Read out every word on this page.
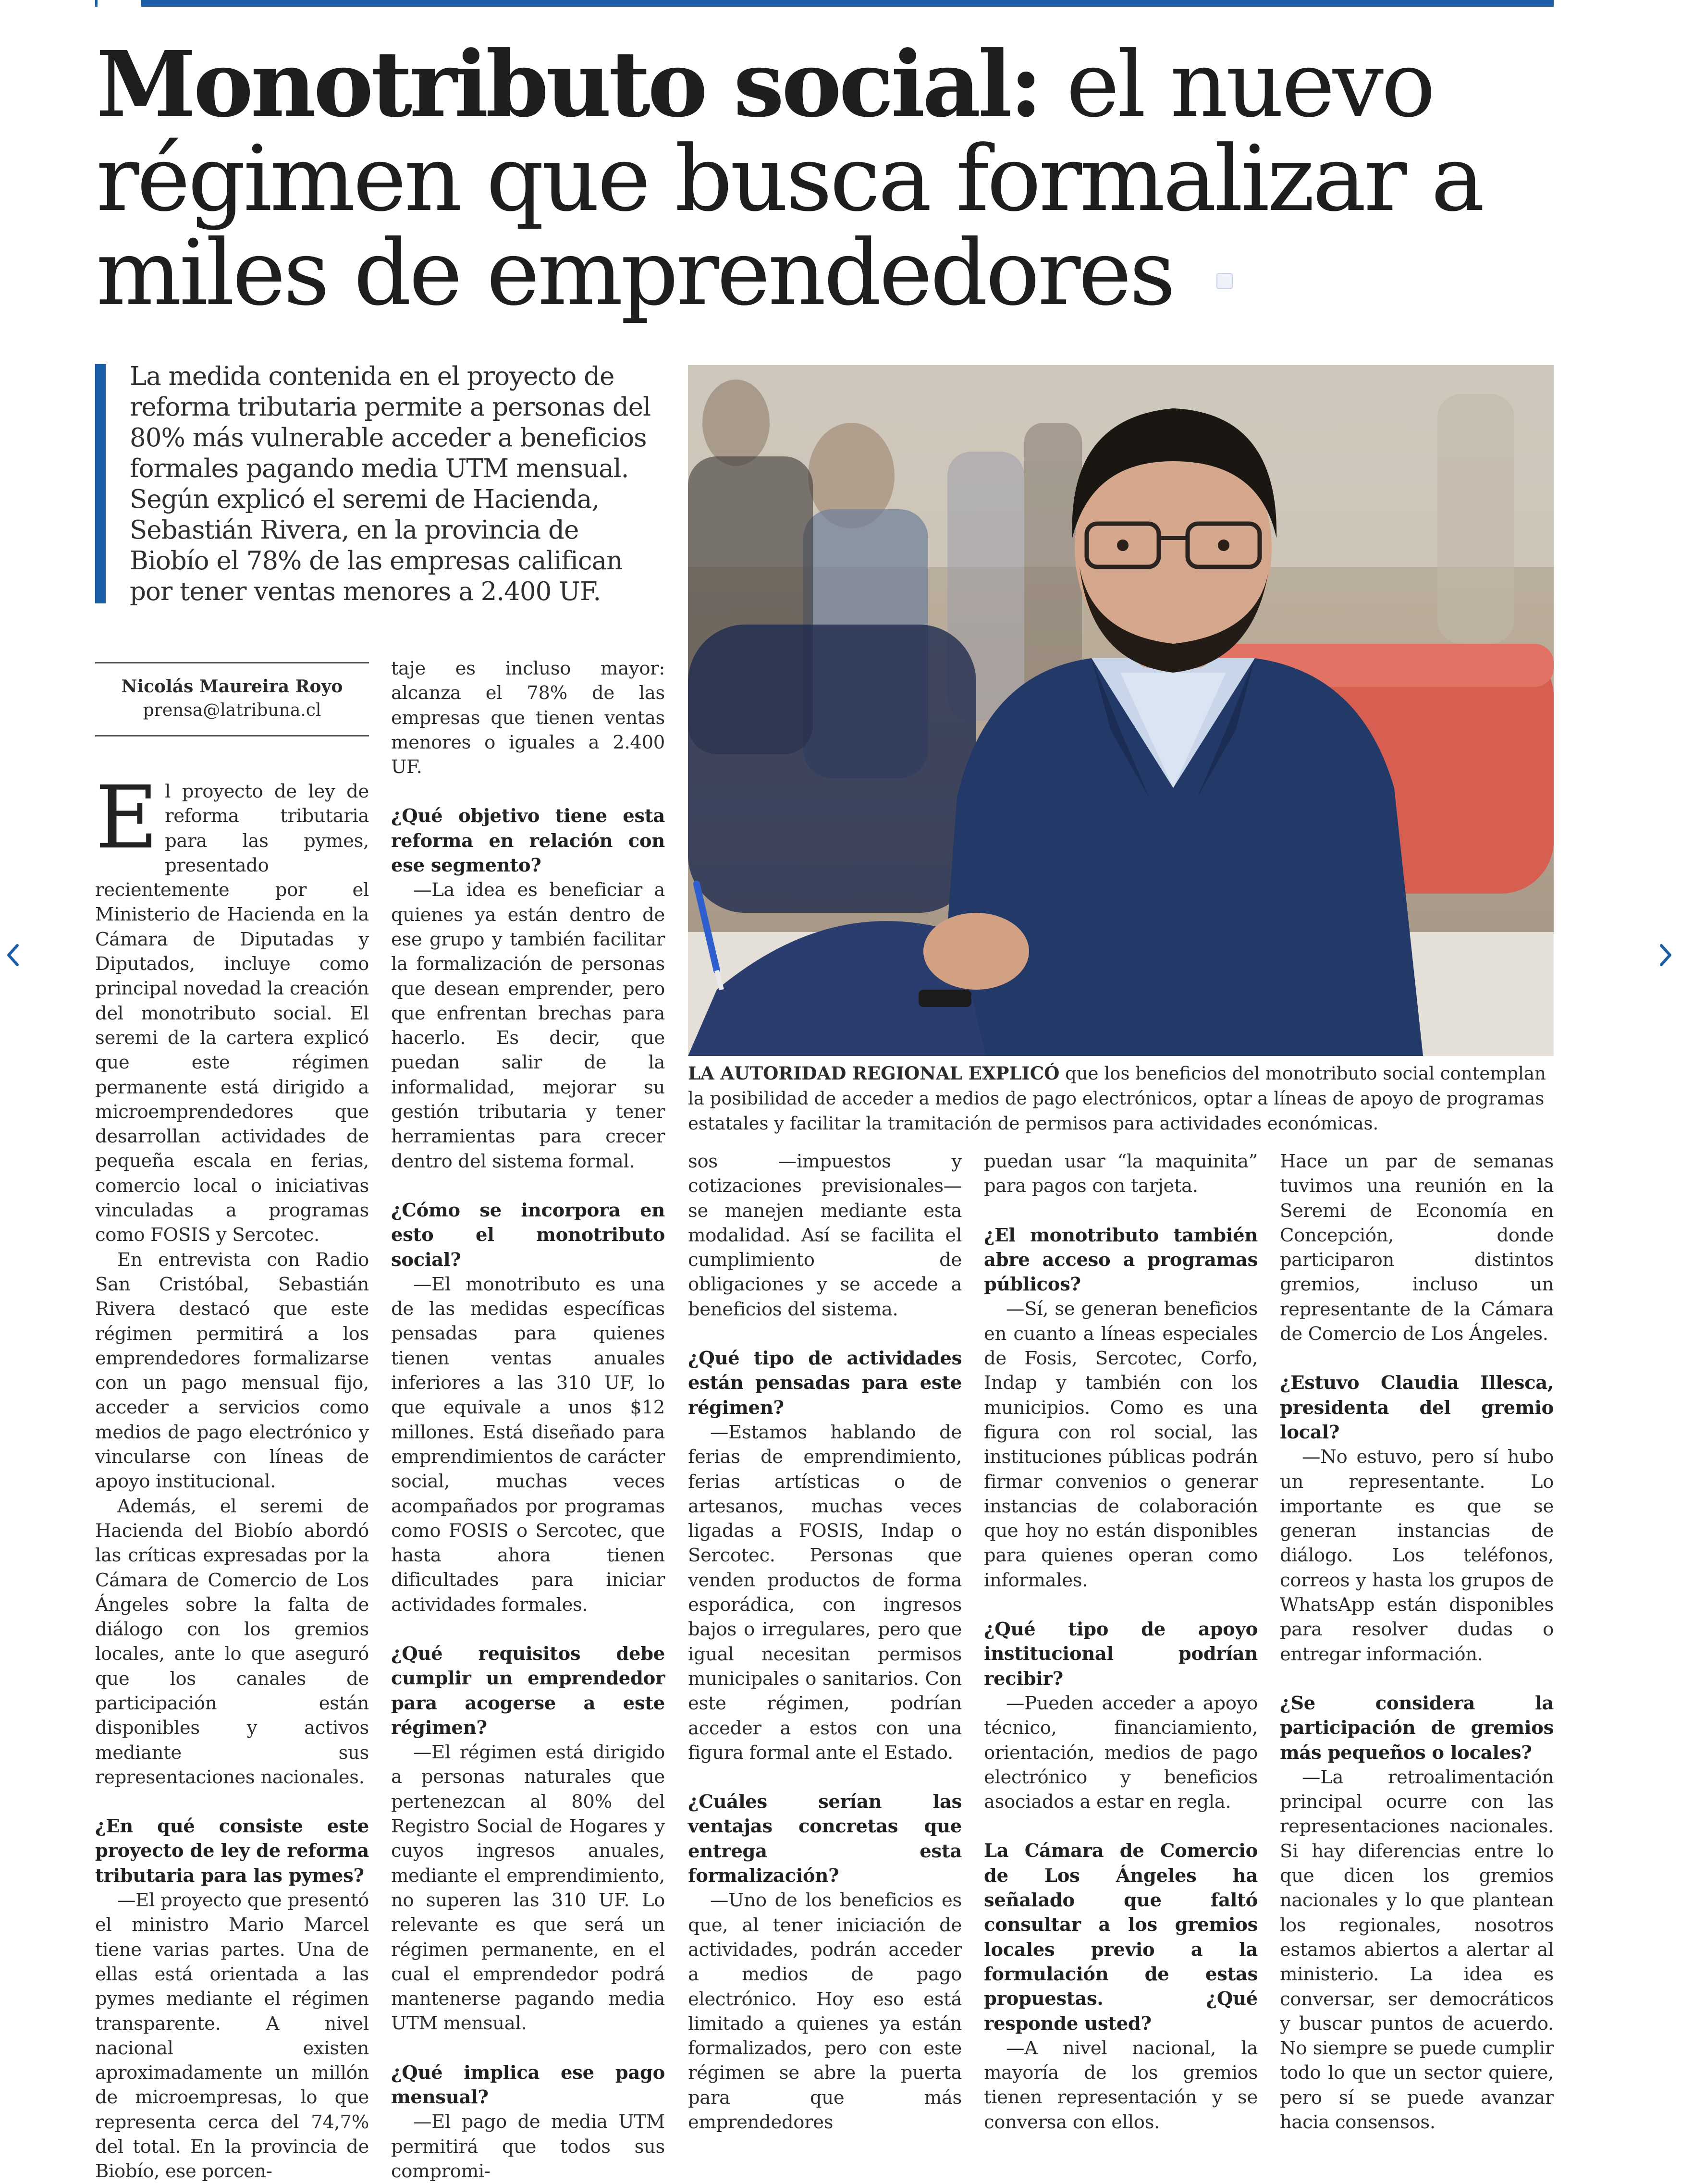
Monotributo social: el nuevo régimen que busca formalizar a miles de emprendedores

La medida contenida en el proyecto de reforma tributaria permite a personas del 80% más vulnerable acceder a beneficios formales pagando media UTM mensual. Según explicó el seremi de Hacienda, Sebastián Rivera, en la provincia de Biobío el 78% de las empresas califican por tener ventas menores a 2.400 UF.

LA AUTORIDAD REGIONAL EXPLICÓ que los beneficios del monotributo social contemplan la posibilidad de acceder a medios de pago electrónicos, optar a líneas de apoyo de programas estatales y facilitar la tramitación de permisos para actividades económicas.

Nicolás Maureira Royo
prensa@latribuna.cl

El proyecto de ley de reforma tributaria para las pymes, presentado recientemente por el Ministerio de Hacienda en la Cámara de Diputadas y Diputados, incluye como principal novedad la creación del monotributo social. El seremi de la cartera explicó que este régimen permanente está dirigido a microemprendedores que desarrollan actividades de pequeña escala en ferias, comercio local o iniciativas vinculadas a programas como FOSIS y Sercotec.

En entrevista con Radio San Cristóbal, Sebastián Rivera destacó que este régimen permitirá a los emprendedores formalizarse con un pago mensual fijo, acceder a servicios como medios de pago electrónico y vincularse con líneas de apoyo institucional.

Además, el seremi de Hacienda del Biobío abordó las críticas expresadas por la Cámara de Comercio de Los Ángeles sobre la falta de diálogo con los gremios locales, ante lo que aseguró que los canales de participación están disponibles y activos mediante sus representaciones nacionales.

¿En qué consiste este proyecto de ley de reforma tributaria para las pymes?

—El proyecto que presentó el ministro Mario Marcel tiene varias partes. Una de ellas está orientada a las pymes mediante el régimen transparente. A nivel nacional existen aproximadamente un millón de microempresas, lo que representa cerca del 74,7% del total. En la provincia de Biobío, ese porcen-

taje es incluso mayor: alcanza el 78% de las empresas que tienen ventas menores o iguales a 2.400 UF.

¿Qué objetivo tiene esta reforma en relación con ese segmento?

—La idea es beneficiar a quienes ya están dentro de ese grupo y también facilitar la formalización de personas que desean emprender, pero que enfrentan brechas para hacerlo. Es decir, que puedan salir de la informalidad, mejorar su gestión tributaria y tener herramientas para crecer dentro del sistema formal.

¿Cómo se incorpora en esto el monotributo social?

—El monotributo es una de las medidas específicas pensadas para quienes tienen ventas anuales inferiores a las 310 UF, lo que equivale a unos $12 millones. Está diseñado para emprendimientos de carácter social, muchas veces acompañados por programas como FOSIS o Sercotec, que hasta ahora tienen dificultades para iniciar actividades formales.

¿Qué requisitos debe cumplir un emprendedor para acogerse a este régimen?

—El régimen está dirigido a personas naturales que pertenezcan al 80% del Registro Social de Hogares y cuyos ingresos anuales, mediante el emprendimiento, no superen las 310 UF. Lo relevante es que será un régimen permanente, en el cual el emprendedor podrá mantenerse pagando media UTM mensual.

¿Qué implica ese pago mensual?

—El pago de media UTM permitirá que todos sus compromi-

sos —impuestos y cotizaciones previsionales— se manejen mediante esta modalidad. Así se facilita el cumplimiento de obligaciones y se accede a beneficios del sistema.

¿Qué tipo de actividades están pensadas para este régimen?

—Estamos hablando de ferias de emprendimiento, ferias artísticas o de artesanos, muchas veces ligadas a FOSIS, Indap o Sercotec. Personas que venden productos de forma esporádica, con ingresos bajos o irregulares, pero que igual necesitan permisos municipales o sanitarios. Con este régimen, podrían acceder a estos con una figura formal ante el Estado.

¿Cuáles serían las ventajas concretas que entrega esta formalización?

—Uno de los beneficios es que, al tener iniciación de actividades, podrán acceder a medios de pago electrónico. Hoy eso está limitado a quienes ya están formalizados, pero con este régimen se abre la puerta para que más emprendedores

puedan usar “la maquinita” para pagos con tarjeta.

¿El monotributo también abre acceso a programas públicos?

—Sí, se generan beneficios en cuanto a líneas especiales de Fosis, Sercotec, Corfo, Indap y también con los municipios. Como es una figura con rol social, las instituciones públicas podrán firmar convenios o generar instancias de colaboración que hoy no están disponibles para quienes operan como informales.

¿Qué tipo de apoyo institucional podrían recibir?

—Pueden acceder a apoyo técnico, financiamiento, orientación, medios de pago electrónico y beneficios asociados a estar en regla.

La Cámara de Comercio de Los Ángeles ha señalado que faltó consultar a los gremios locales previo a la formulación de estas propuestas. ¿Qué responde usted?

—A nivel nacional, la mayoría de los gremios tienen representación y se conversa con ellos.

Hace un par de semanas tuvimos una reunión en la Seremi de Economía en Concepción, donde participaron distintos gremios, incluso un representante de la Cámara de Comercio de Los Ángeles.

¿Estuvo Claudia Illesca, presidenta del gremio local?

—No estuvo, pero sí hubo un representante. Lo importante es que se generan instancias de diálogo. Los teléfonos, correos y hasta los grupos de WhatsApp están disponibles para resolver dudas o entregar información.

¿Se considera la participación de gremios más pequeños o locales?

—La retroalimentación principal ocurre con las representaciones nacionales. Si hay diferencias entre lo que dicen los gremios nacionales y lo que plantean los regionales, nosotros estamos abiertos a alertar al ministerio. La idea es conversar, ser democráticos y buscar puntos de acuerdo. No siempre se puede cumplir todo lo que un sector quiere, pero sí se puede avanzar hacia consensos.
